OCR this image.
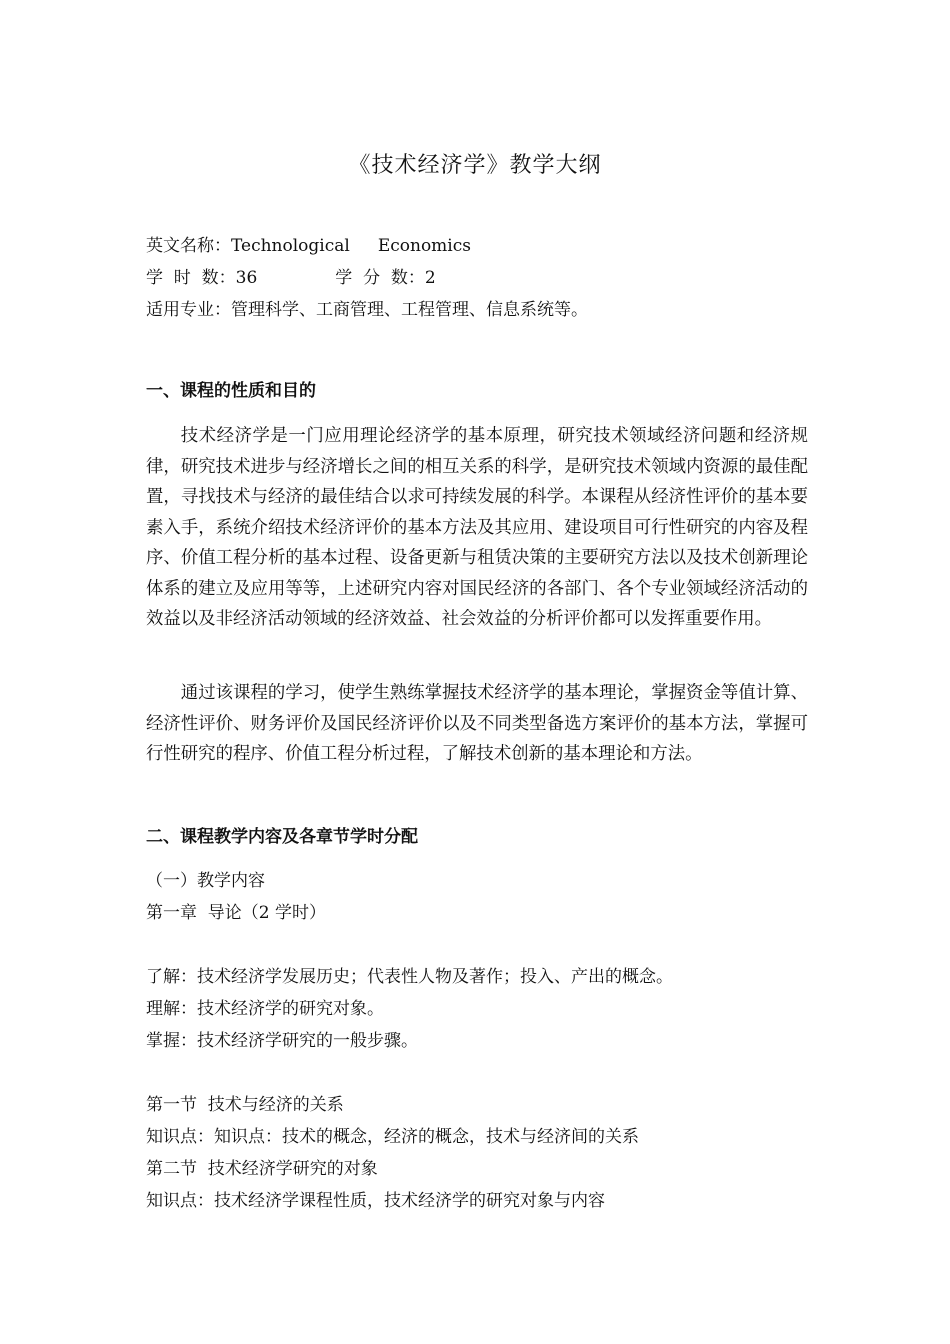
《技术经济学》教学大纲
英文名称：Technological Economics
学  时  数：36	学  分  数：2
适用专业：管理科学、工商管理、工程管理、信息系统等。
一、课程的性质和目的
技术经济学是一门应用理论经济学的基本原理，研究技术领域经济问题和经济规律，研究技术进步与经济增长之间的相互关系的科学，是研究技术领域内资源的最佳配置，寻找技术与经济的最佳结合以求可持续发展的科学。本课程从经济性评价的基本要素入手，系统介绍技术经济评价的基本方法及其应用、建设项目可行性研究的内容及程序、价值工程分析的基本过程、设备更新与租赁决策的主要研究方法以及技术创新理论体系的建立及应用等等，上述研究内容对国民经济的各部门、各个专业领域经济活动的效益以及非经济活动领域的经济效益、社会效益的分析评价都可以发挥重要作用。
通过该课程的学习，使学生熟练掌握技术经济学的基本理论，掌握资金等值计算、经济性评价、财务评价及国民经济评价以及不同类型备选方案评价的基本方法，掌握可行性研究的程序、价值工程分析过程，了解技术创新的基本理论和方法。
二、课程教学内容及各章节学时分配
（一）教学内容
第一章  导论（2 学时）
了解：技术经济学发展历史；代表性人物及著作；投入、产出的概念。
理解：技术经济学的研究对象。
掌握：技术经济学研究的一般步骤。
第一节  技术与经济的关系
知识点：知识点：技术的概念，经济的概念，技术与经济间的关系
第二节  技术经济学研究的对象
知识点：技术经济学课程性质，技术经济学的研究对象与内容
